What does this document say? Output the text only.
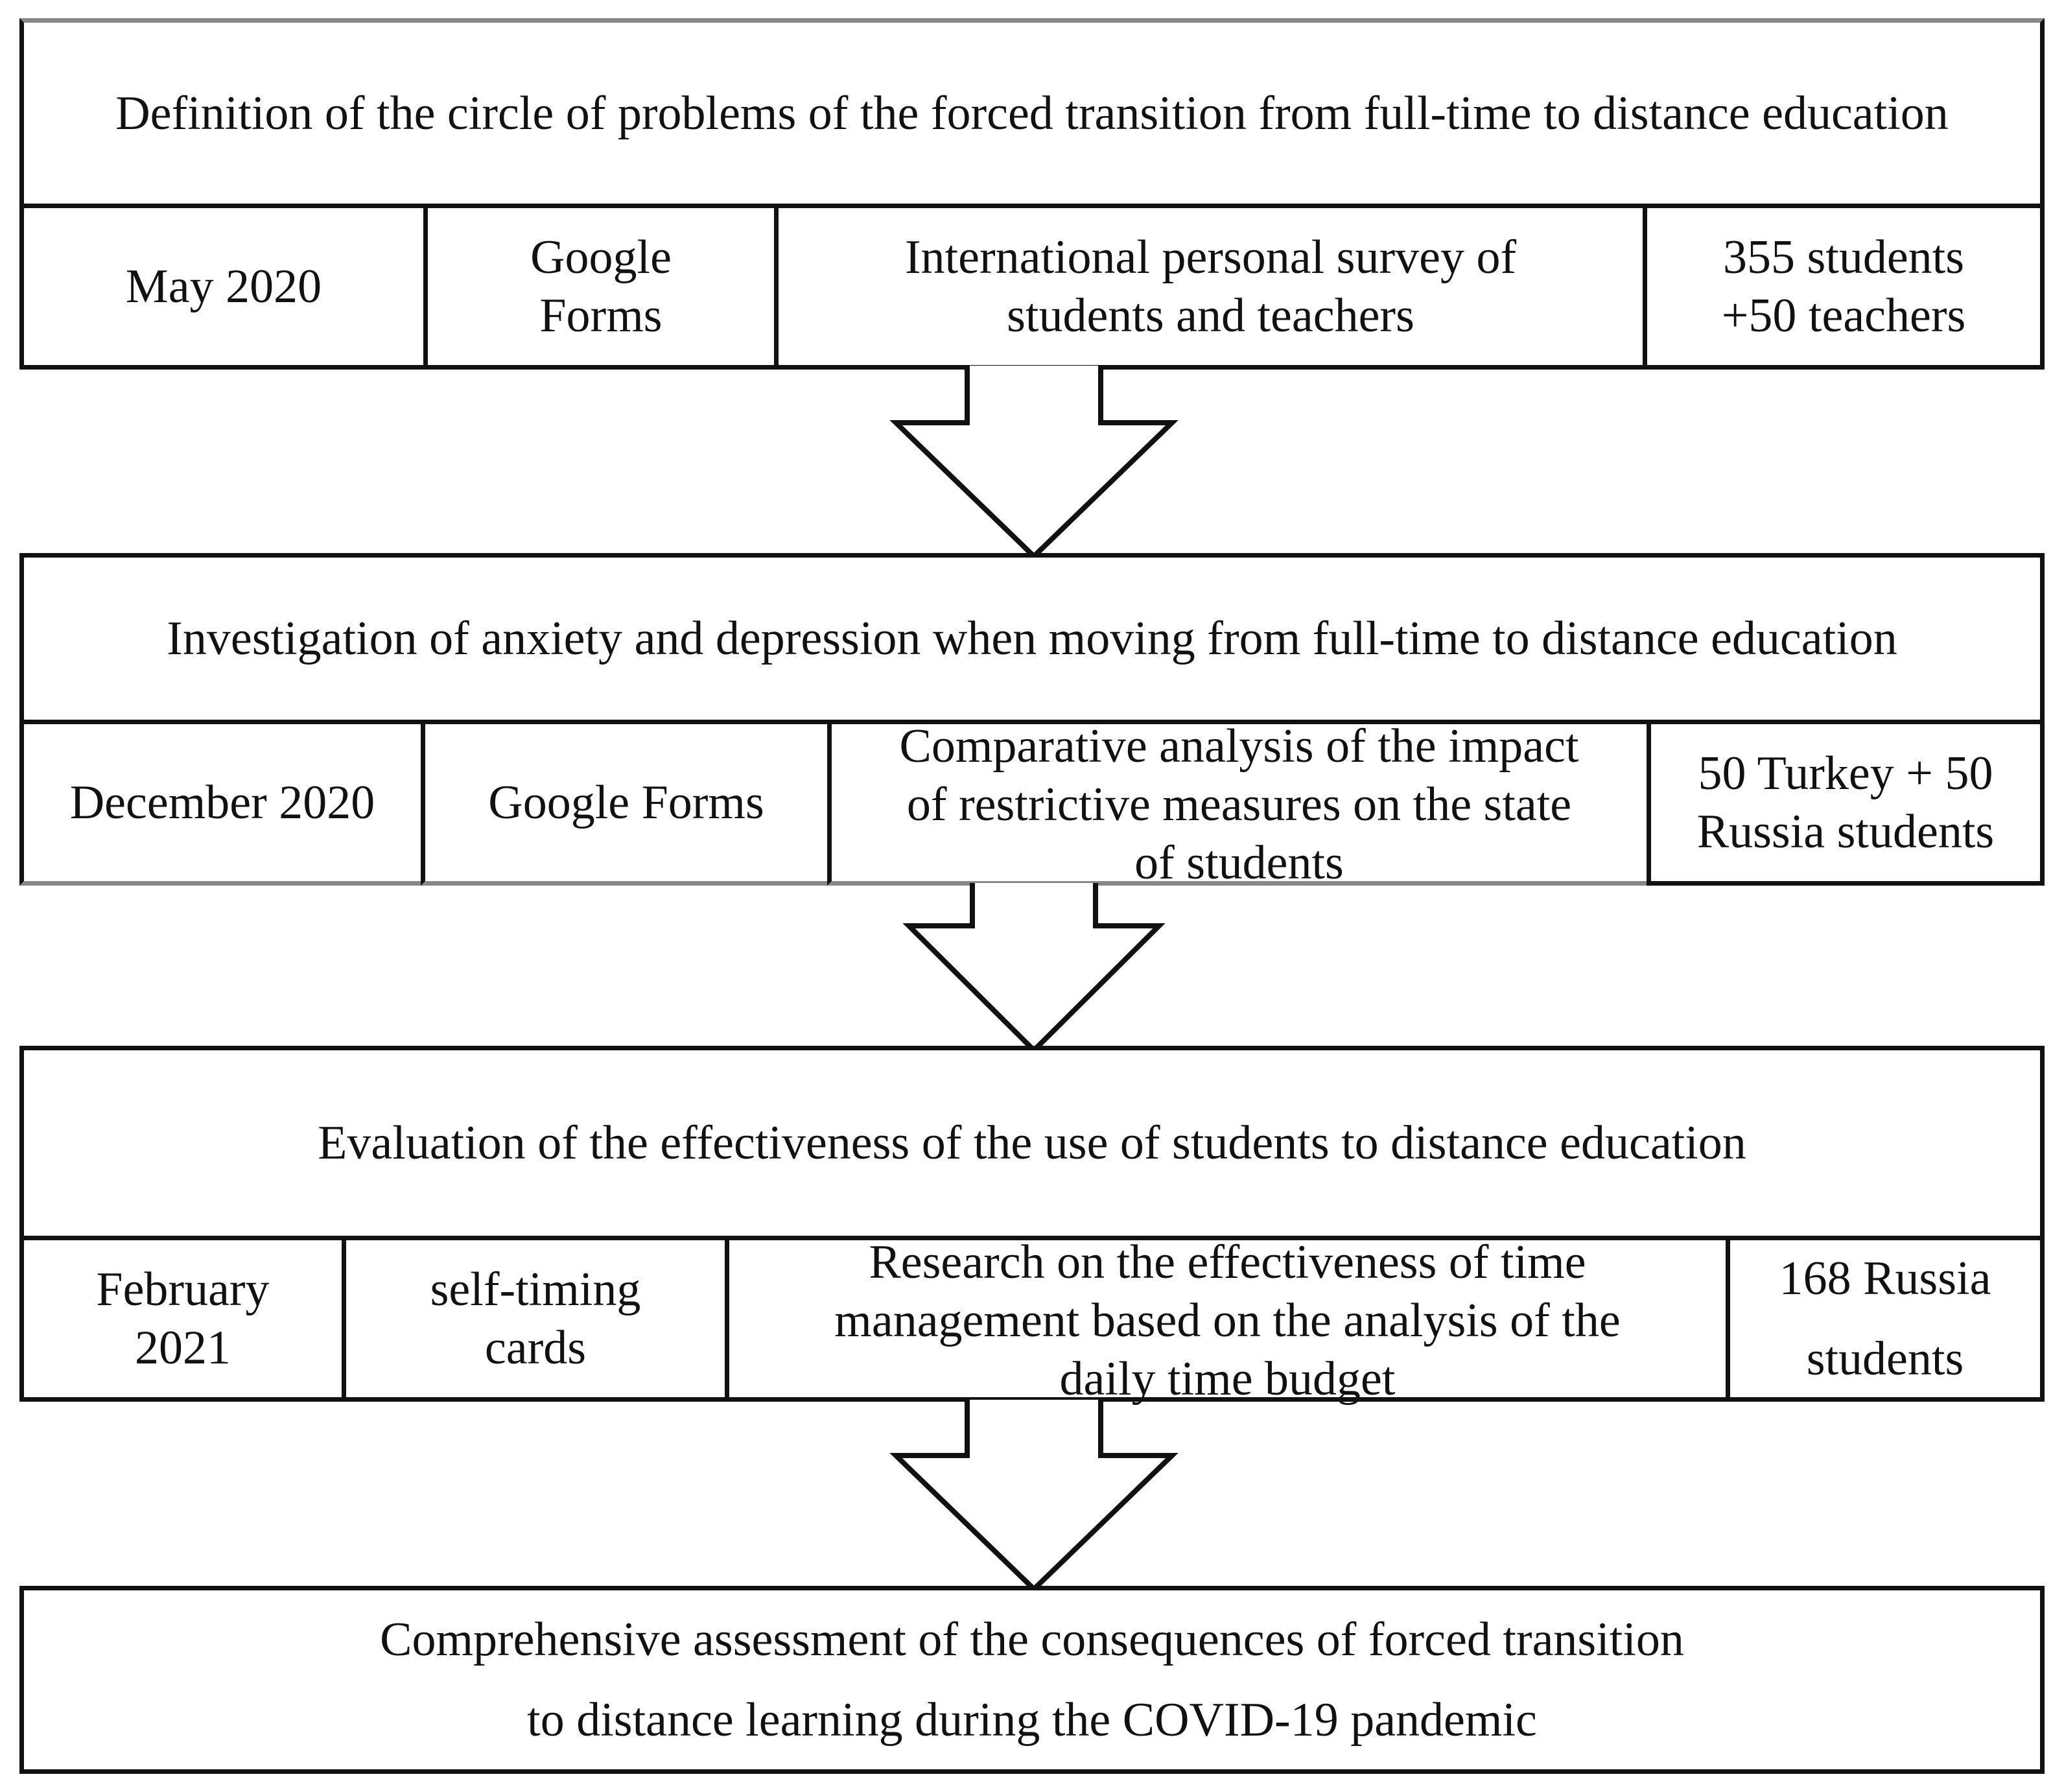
Definition of the circle of problems of the forced transition from full-time to distance education
May 2020
Google
Forms
International personal survey of
students and teachers
355 students
+50 teachers
Investigation of anxiety and depression when moving from full-time to distance education
December 2020 Google Forms
Comparative analysis of the impact
of restrictive measures on the state
of students
50 Turkey + 50
Russia students
Evaluation of the effectiveness of the use of students to distance education
February
2021
self-timing
cards
Research on the effectiveness of time
management based on the analysis of the
daily time budget
168 Russia
students
Comprehensive assessment of the consequences of forced transition
to distance learning during the COVID-19 pandemic
